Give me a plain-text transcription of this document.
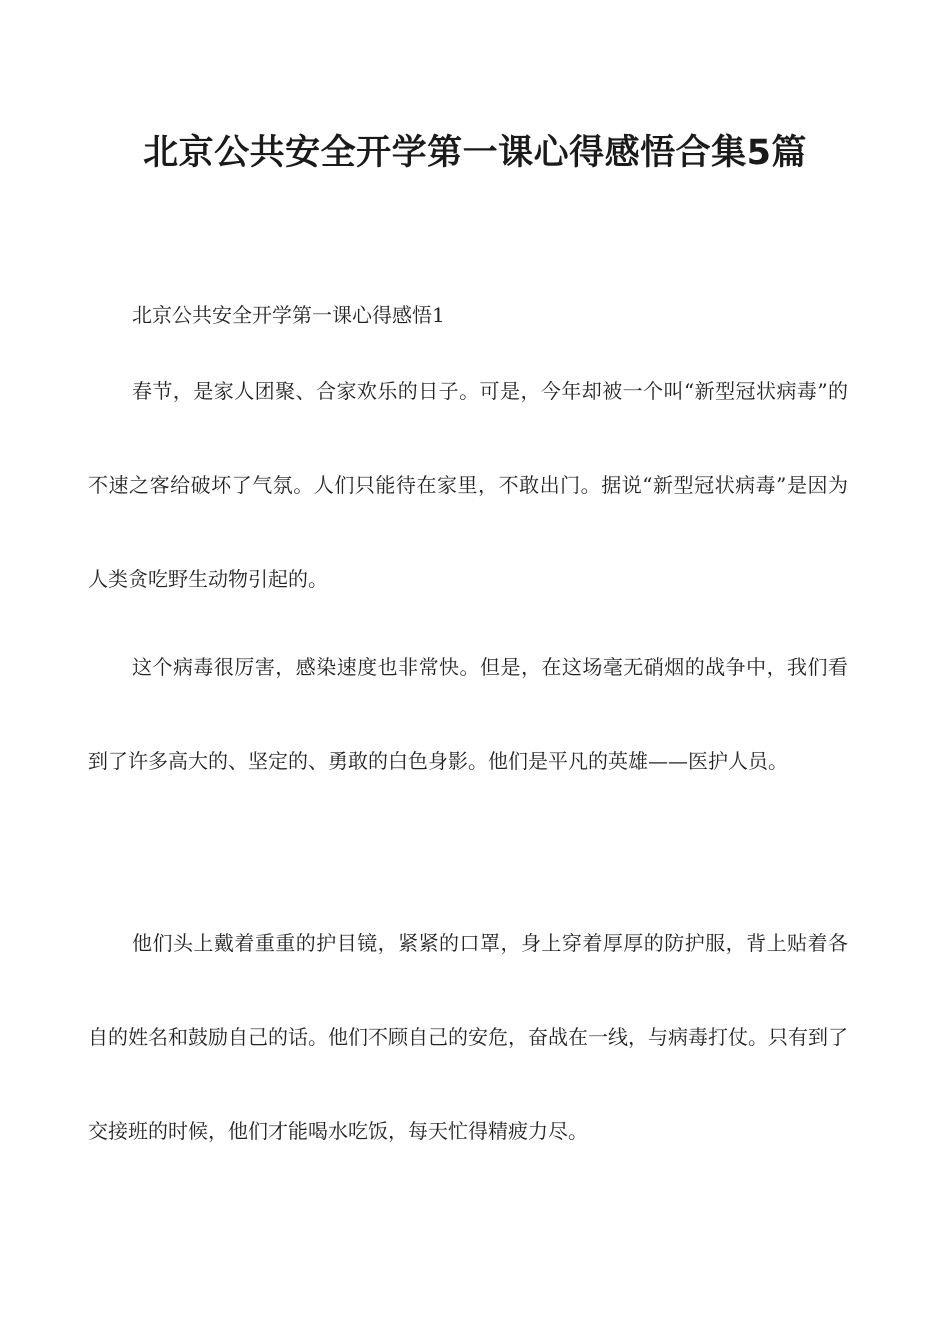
北京公共安全开学第一课心得感悟合集5篇

北京公共安全开学第一课心得感悟1

春节，是家人团聚、合家欢乐的日子。可是，今年却被一个叫“新型冠状病毒”的不速之客给破坏了气氛。人们只能待在家里，不敢出门。据说“新型冠状病毒”是因为人类贪吃野生动物引起的。

这个病毒很厉害，感染速度也非常快。但是，在这场毫无硝烟的战争中，我们看到了许多高大的、坚定的、勇敢的白色身影。他们是平凡的英雄——医护人员。

他们头上戴着重重的护目镜，紧紧的口罩，身上穿着厚厚的防护服，背上贴着各自的姓名和鼓励自己的话。他们不顾自己的安危，奋战在一线，与病毒打仗。只有到了交接班的时候，他们才能喝水吃饭，每天忙得精疲力尽。
